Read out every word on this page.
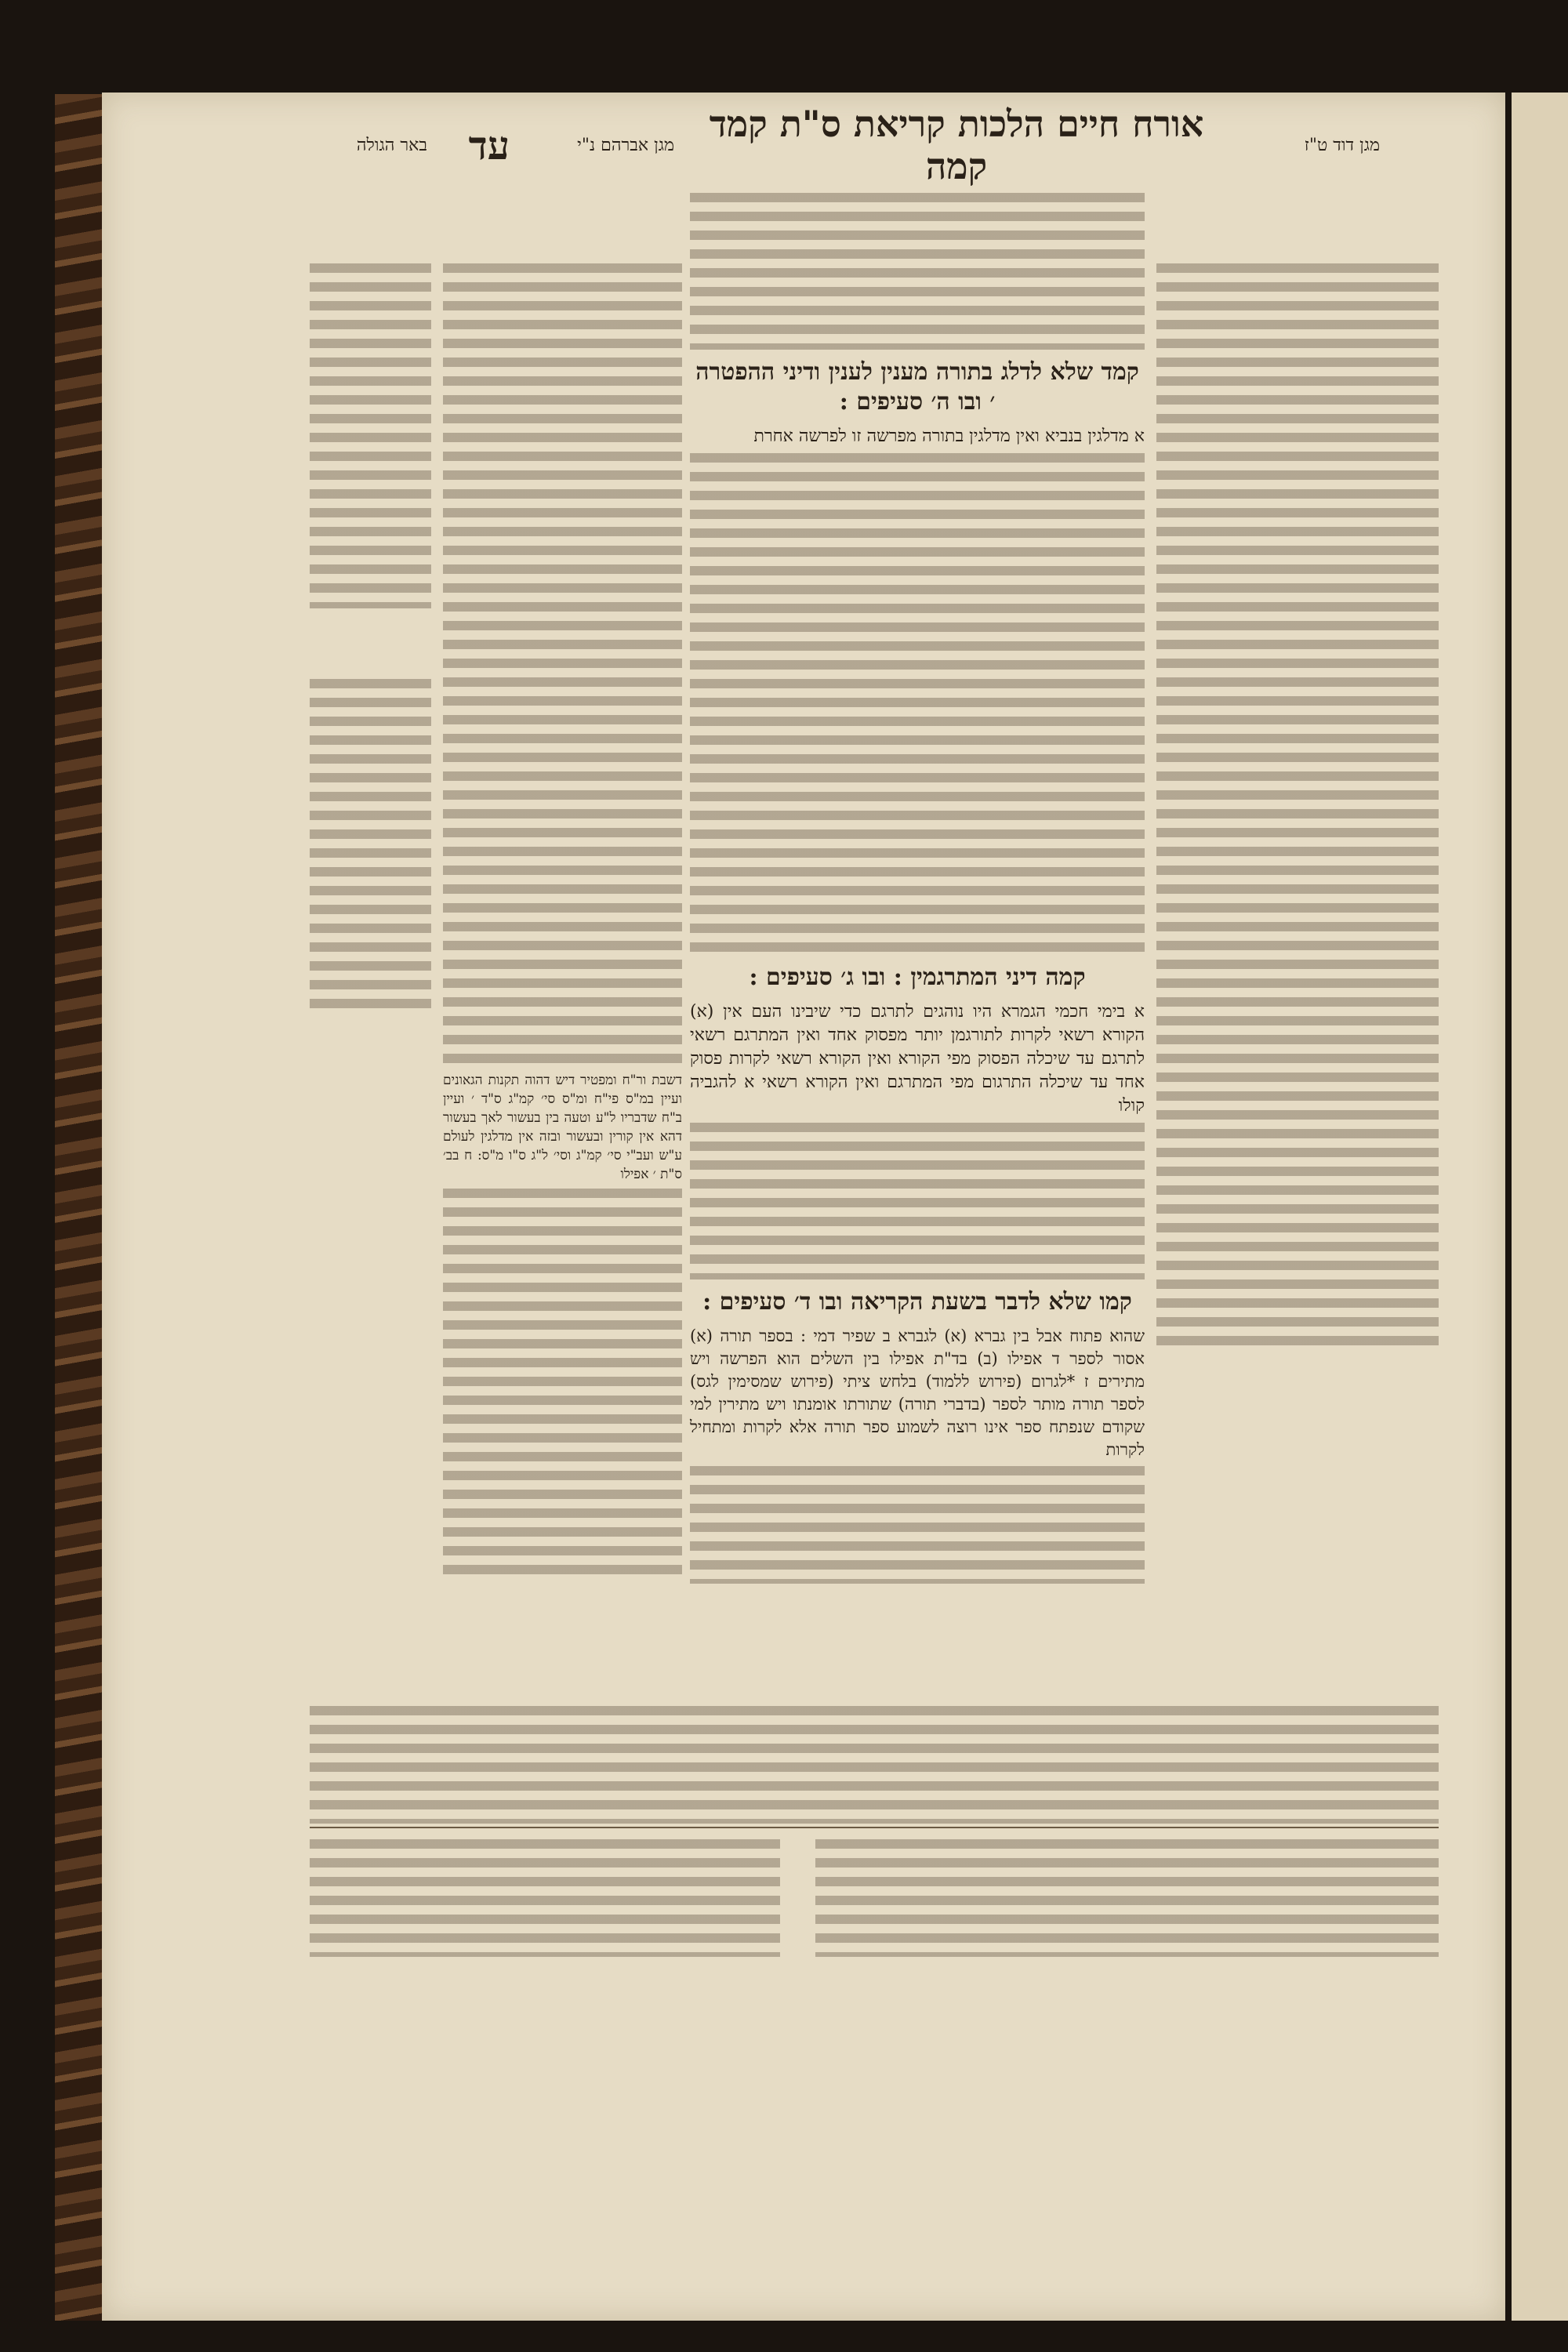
באר הגולה	עד	מגן אברהם נ"י
אורח חיים הלכות קריאת ס"ת קמד קמה	מגן דוד ט"ז
קמד שלא לדלג בתורה מענין לענין ודיני ההפטרה ׳ ובו ה׳ סעיפים :
א מדלגין בנביא ואין מדלגין בתורה מפרשה זו לפרשה אחרת
קמה דיני המתרגמין : ובו ג׳ סעיפים :
א בימי חכמי הגמרא היו נוהגים לתרגם כדי שיבינו העם אין (א) הקורא רשאי לקרות לתורגמן יותר מפסוק אחד ואין המתרגם רשאי לתרגם עד שיכלה הפסוק מפי הקורא ואין הקורא רשאי לקרות פסוק אחד עד שיכלה התרגום מפי המתרגם ואין הקורא רשאי א להגביה קולו
קמו שלא לדבר בשעת הקריאה ובו ד׳ סעיפים :
שהוא פתוח אבל בין גברא (א) לגברא ב שפיר דמי : בספר תורה (א) אסור לספר ד אפילו (ב) בד"ת אפילו בין השלים הוא הפרשה ויש מתירים ז *לגרום (פירוש ללמוד) בלחש ציתי (פירוש שמסימין לגס) לספר תורה מותר לספר (בדברי תורה) שתורתו אומנתו ויש מתירין למי שקודם שנפתח ספר אינו רוצה לשמוע ספר תורה אלא לקרות ומתחיל לקרות
דשבת ור"ח ומפטיר דיש דהוה תקנות הגאונים ועיין במ"ס פי"ח ומ"ס סי׳ קמ"ג ס"ד ׳ ועיין ב"ח שדבריו ל"ע וטעה בין בעשור לאך בעשור דהא אין קורין ובעשור ובזה אין מדלגין לעולם ע"ש ועב"י סי׳ קמ"ג וסי׳ ל"ג ס"ו מ"ס: ח בב׳ ס"ת ׳ אפילו
